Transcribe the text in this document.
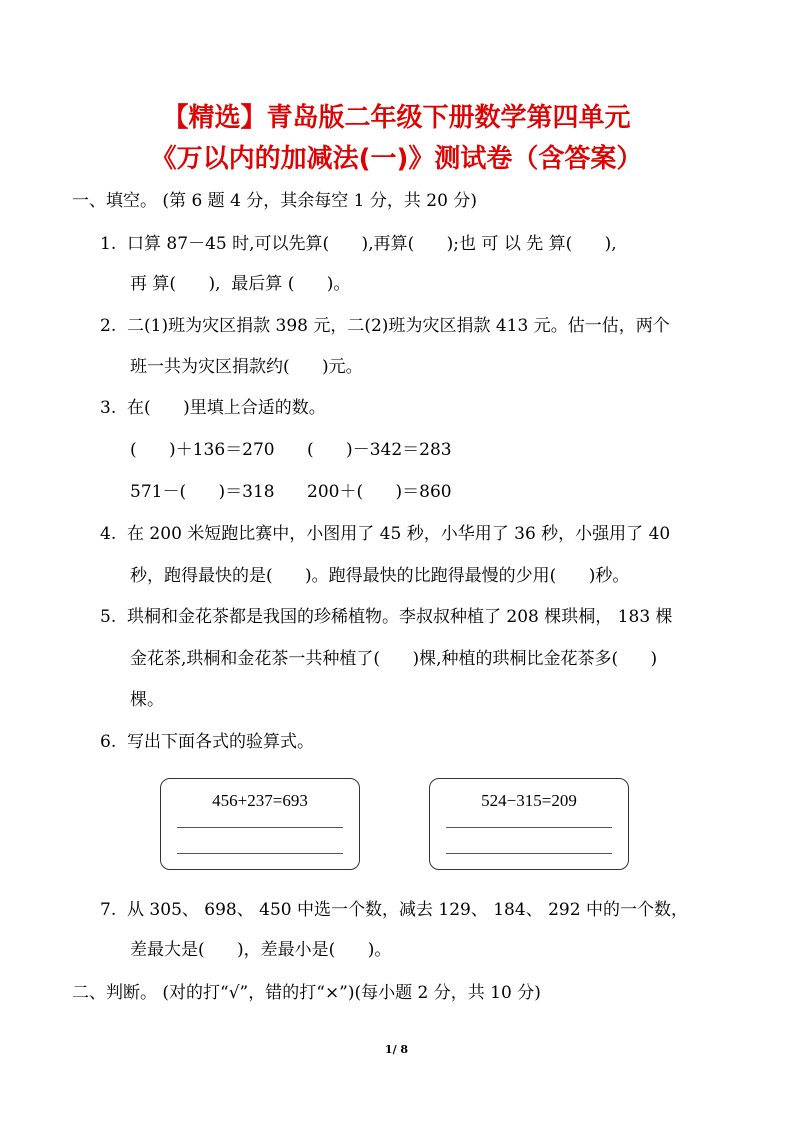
【精选】青岛版二年级下册数学第四单元
《万以内的加减法(一)》测试卷（含答案）
一、填空。 (第 6 题 4 分，其余每空 1 分，共 20 分)
1.  口算 87－45 时,可以先算(      ),再算(      );也 可 以 先 算(      ),
再 算(      ),  最后算 (      )。
2.  二(1)班为灾区捐款 398 元，二(2)班为灾区捐款 413 元。估一估，两个
班一共为灾区捐款约(      )元。
3.  在(      )里填上合适的数。
(      )＋136＝270      (      )－342＝283
571－(      )＝318      200＋(      )＝860
4.  在 200 米短跑比赛中，小图用了 45 秒，小华用了 36 秒，小强用了 40
秒，跑得最快的是(      )。跑得最快的比跑得最慢的少用(      )秒。
5.  珙桐和金花茶都是我国的珍稀植物。李叔叔种植了 208 棵珙桐， 183 棵
金花茶,珙桐和金花茶一共种植了(      )棵,种植的珙桐比金花茶多(      )
棵。
6.  写出下面各式的验算式。
456+237=693	524−315=209
7.  从 305、 698、 450 中选一个数，减去 129、 184、 292 中的一个数，
差最大是(      )，差最小是(      )。
二、判断。 (对的打“√”，错的打“×”)(每小题 2 分，共 10 分)
1/ 8
